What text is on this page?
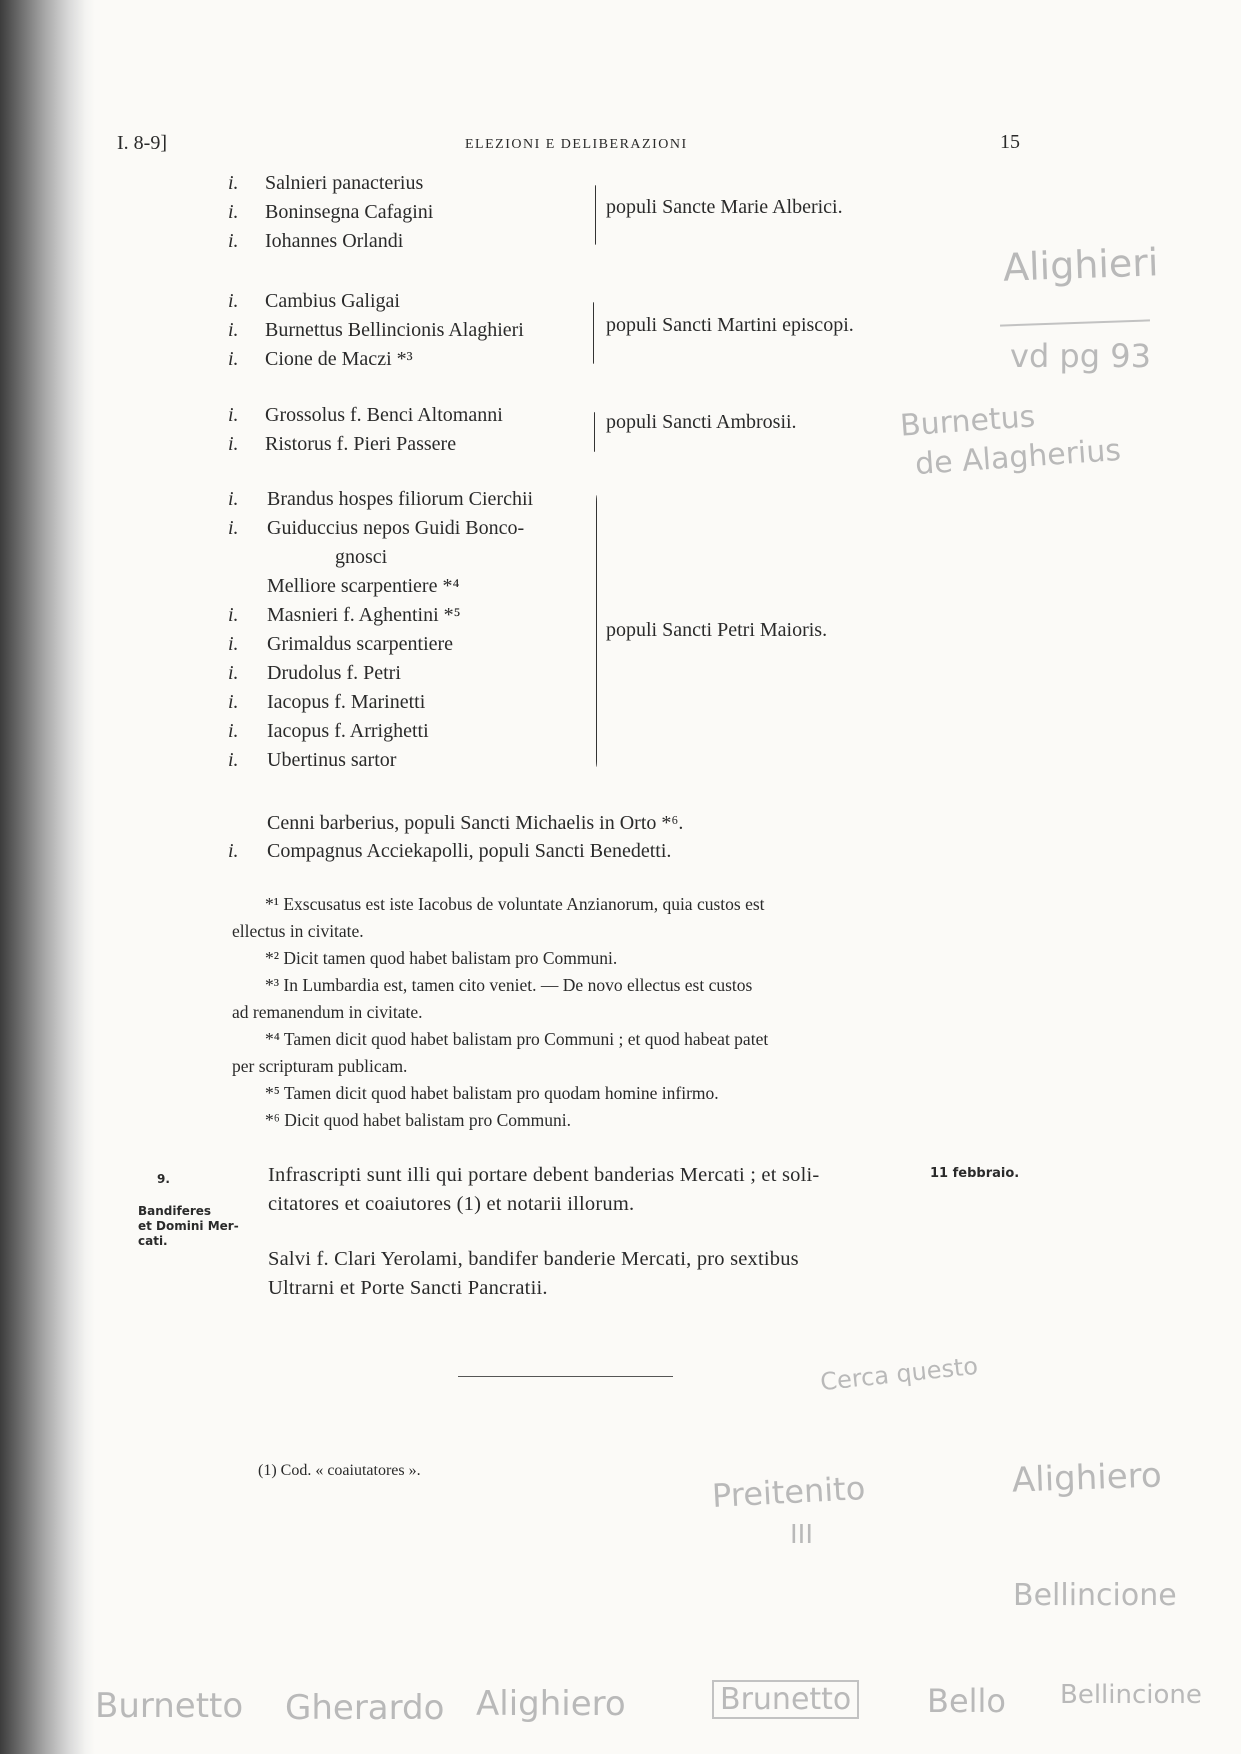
I. 8-9]	ELEZIONI E DELIBERAZIONI	15
i. Salnieri panacterius
i. Boninsegna Cafagini
i. Iohannes Orlandi
populi Sancte Marie Alberici.
i. Cambius Galigai
i. Burnettus Bellincionis Alaghieri
i. Cione de Maczi *³
populi Sancti Martini episcopi.
i. Grossolus f. Benci Altomanni
i. Ristorus f. Pieri Passere
populi Sancti Ambrosii.
i. Brandus hospes filiorum Cierchii
i. Guiduccius nepos Guidi Bonco-
gnosci
Melliore scarpentiere *⁴
i. Masnieri f. Aghentini *⁵
i. Grimaldus scarpentiere
i. Drudolus f. Petri
i. Iacopus f. Marinetti
i. Iacopus f. Arrighetti
i. Ubertinus sartor
populi Sancti Petri Maioris.
Cenni barberius, populi Sancti Michaelis in Orto *⁶.
i. Compagnus Acciekapolli, populi Sancti Benedetti.
*¹ Exscusatus est iste Iacobus de voluntate Anzianorum, quia custos est
ellectus in civitate.
*² Dicit tamen quod habet balistam pro Communi.
*³ In Lumbardia est, tamen cito veniet. — De novo ellectus est custos
ad remanendum in civitate.
*⁴ Tamen dicit quod habet balistam pro Communi ; et quod habeat patet
per scripturam publicam.
*⁵ Tamen dicit quod habet balistam pro quodam homine infirmo.
*⁶ Dicit quod habet balistam pro Communi.
9.
Bandiferes
et Domini Mer-
cati.
11 febbraio.
Infrascripti sunt illi qui portare debent banderias Mercati ; et soli-
citatores et coaiutores (1) et notarii illorum.
Salvi f. Clari Yerolami, bandifer banderie Mercati, pro sextibus
Ultrarni et Porte Sancti Pancratii.
(1) Cod. « coaiutatores ».
Alighieri
vd pg 93
Burnetus
de Alagherius
Cerca questo
Preitenito
III
Alighiero
Bellincione
Burnetto Gherardo Alighiero	Brunetto Bello Bellincione
